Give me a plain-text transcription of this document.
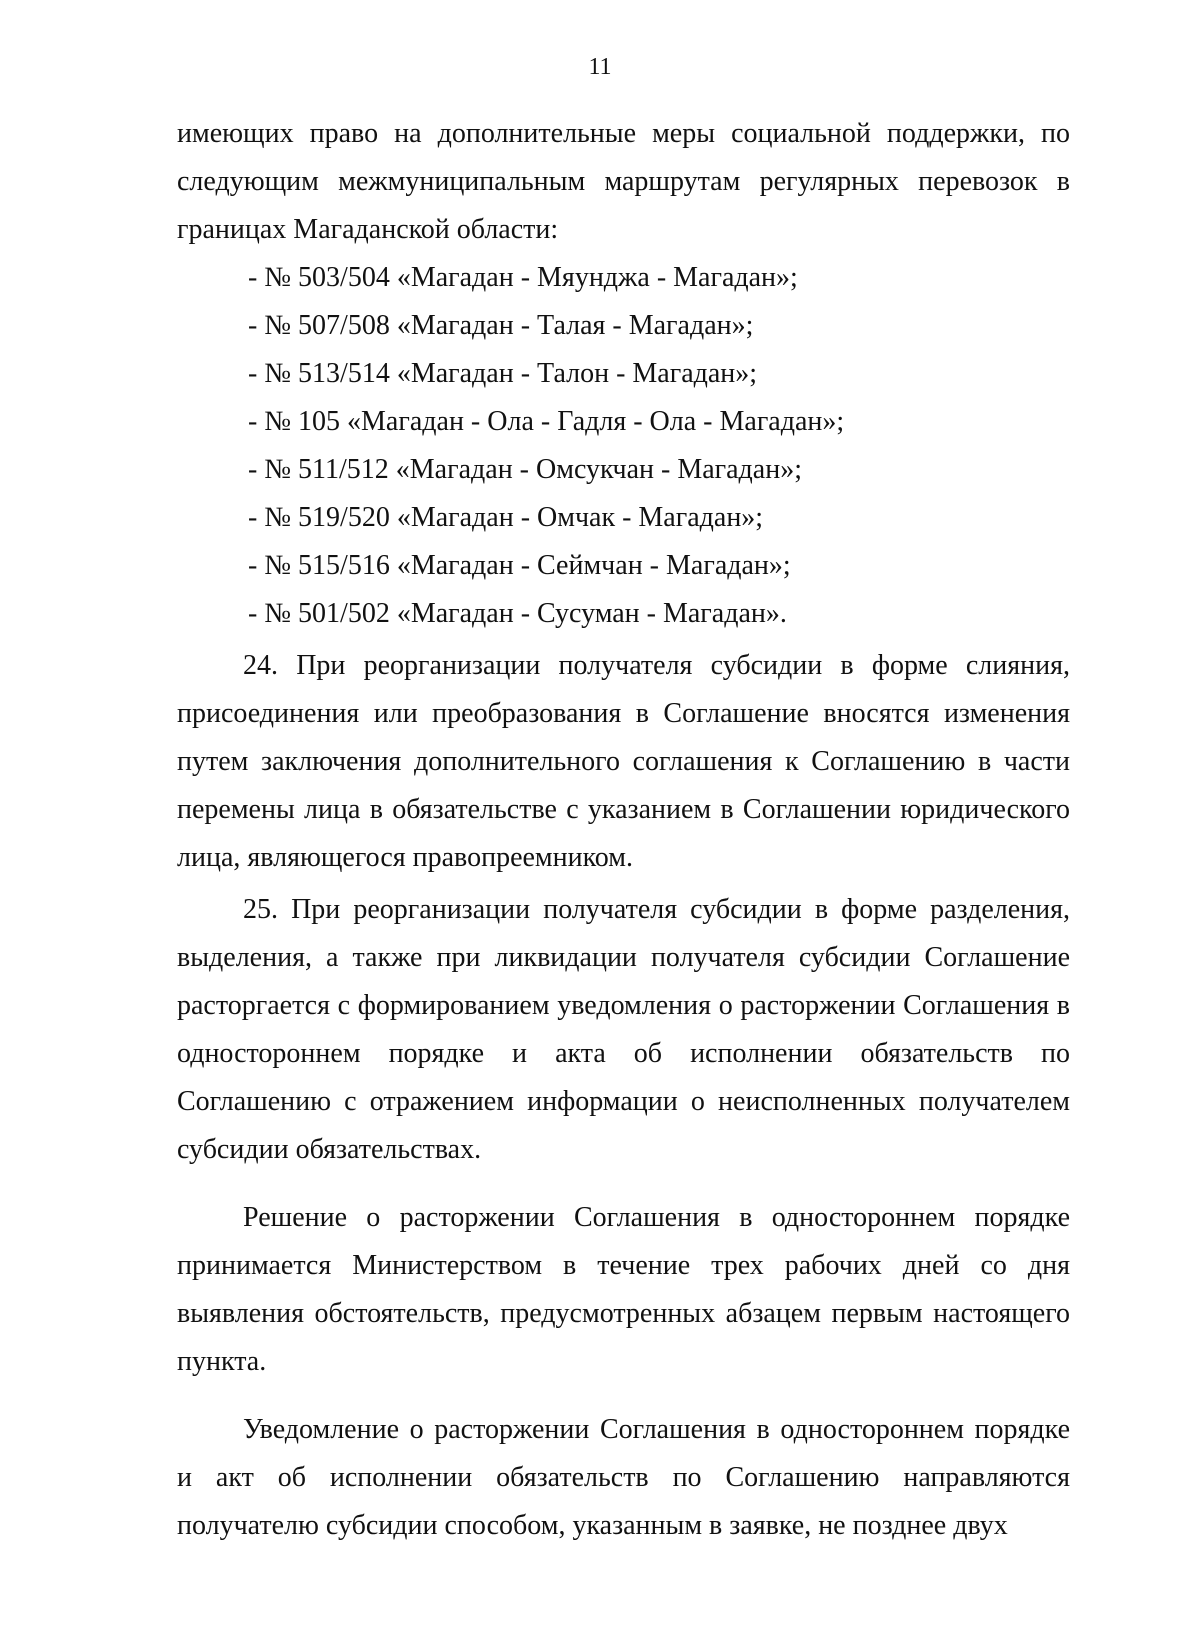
11

имеющих право на дополнительные меры социальной поддержки, по следующим межмуниципальным маршрутам регулярных перевозок в границах Магаданской области:

- № 503/504 «Магадан - Мяунджа - Магадан»;
- № 507/508 «Магадан - Талая - Магадан»;
- № 513/514 «Магадан - Талон - Магадан»;
- № 105 «Магадан - Ола - Гадля - Ола - Магадан»;
- № 511/512 «Магадан - Омсукчан - Магадан»;
- № 519/520 «Магадан - Омчак - Магадан»;
- № 515/516 «Магадан - Сеймчан - Магадан»;
- № 501/502 «Магадан - Сусуман - Магадан».

24. При реорганизации получателя субсидии в форме слияния, присоединения или преобразования в Соглашение вносятся изменения путем заключения дополнительного соглашения к Соглашению в части перемены лица в обязательстве с указанием в Соглашении юридического лица, являющегося правопреемником.

25. При реорганизации получателя субсидии в форме разделения, выделения, а также при ликвидации получателя субсидии Соглашение расторгается с формированием уведомления о расторжении Соглашения в одностороннем порядке и акта об исполнении обязательств по Соглашению с отражением информации о неисполненных получателем субсидии обязательствах.

Решение о расторжении Соглашения в одностороннем порядке принимается Министерством в течение трех рабочих дней со дня выявления обстоятельств, предусмотренных абзацем первым настоящего пункта.

Уведомление о расторжении Соглашения в одностороннем порядке и акт об исполнении обязательств по Соглашению направляются получателю субсидии способом, указанным в заявке, не позднее двух
